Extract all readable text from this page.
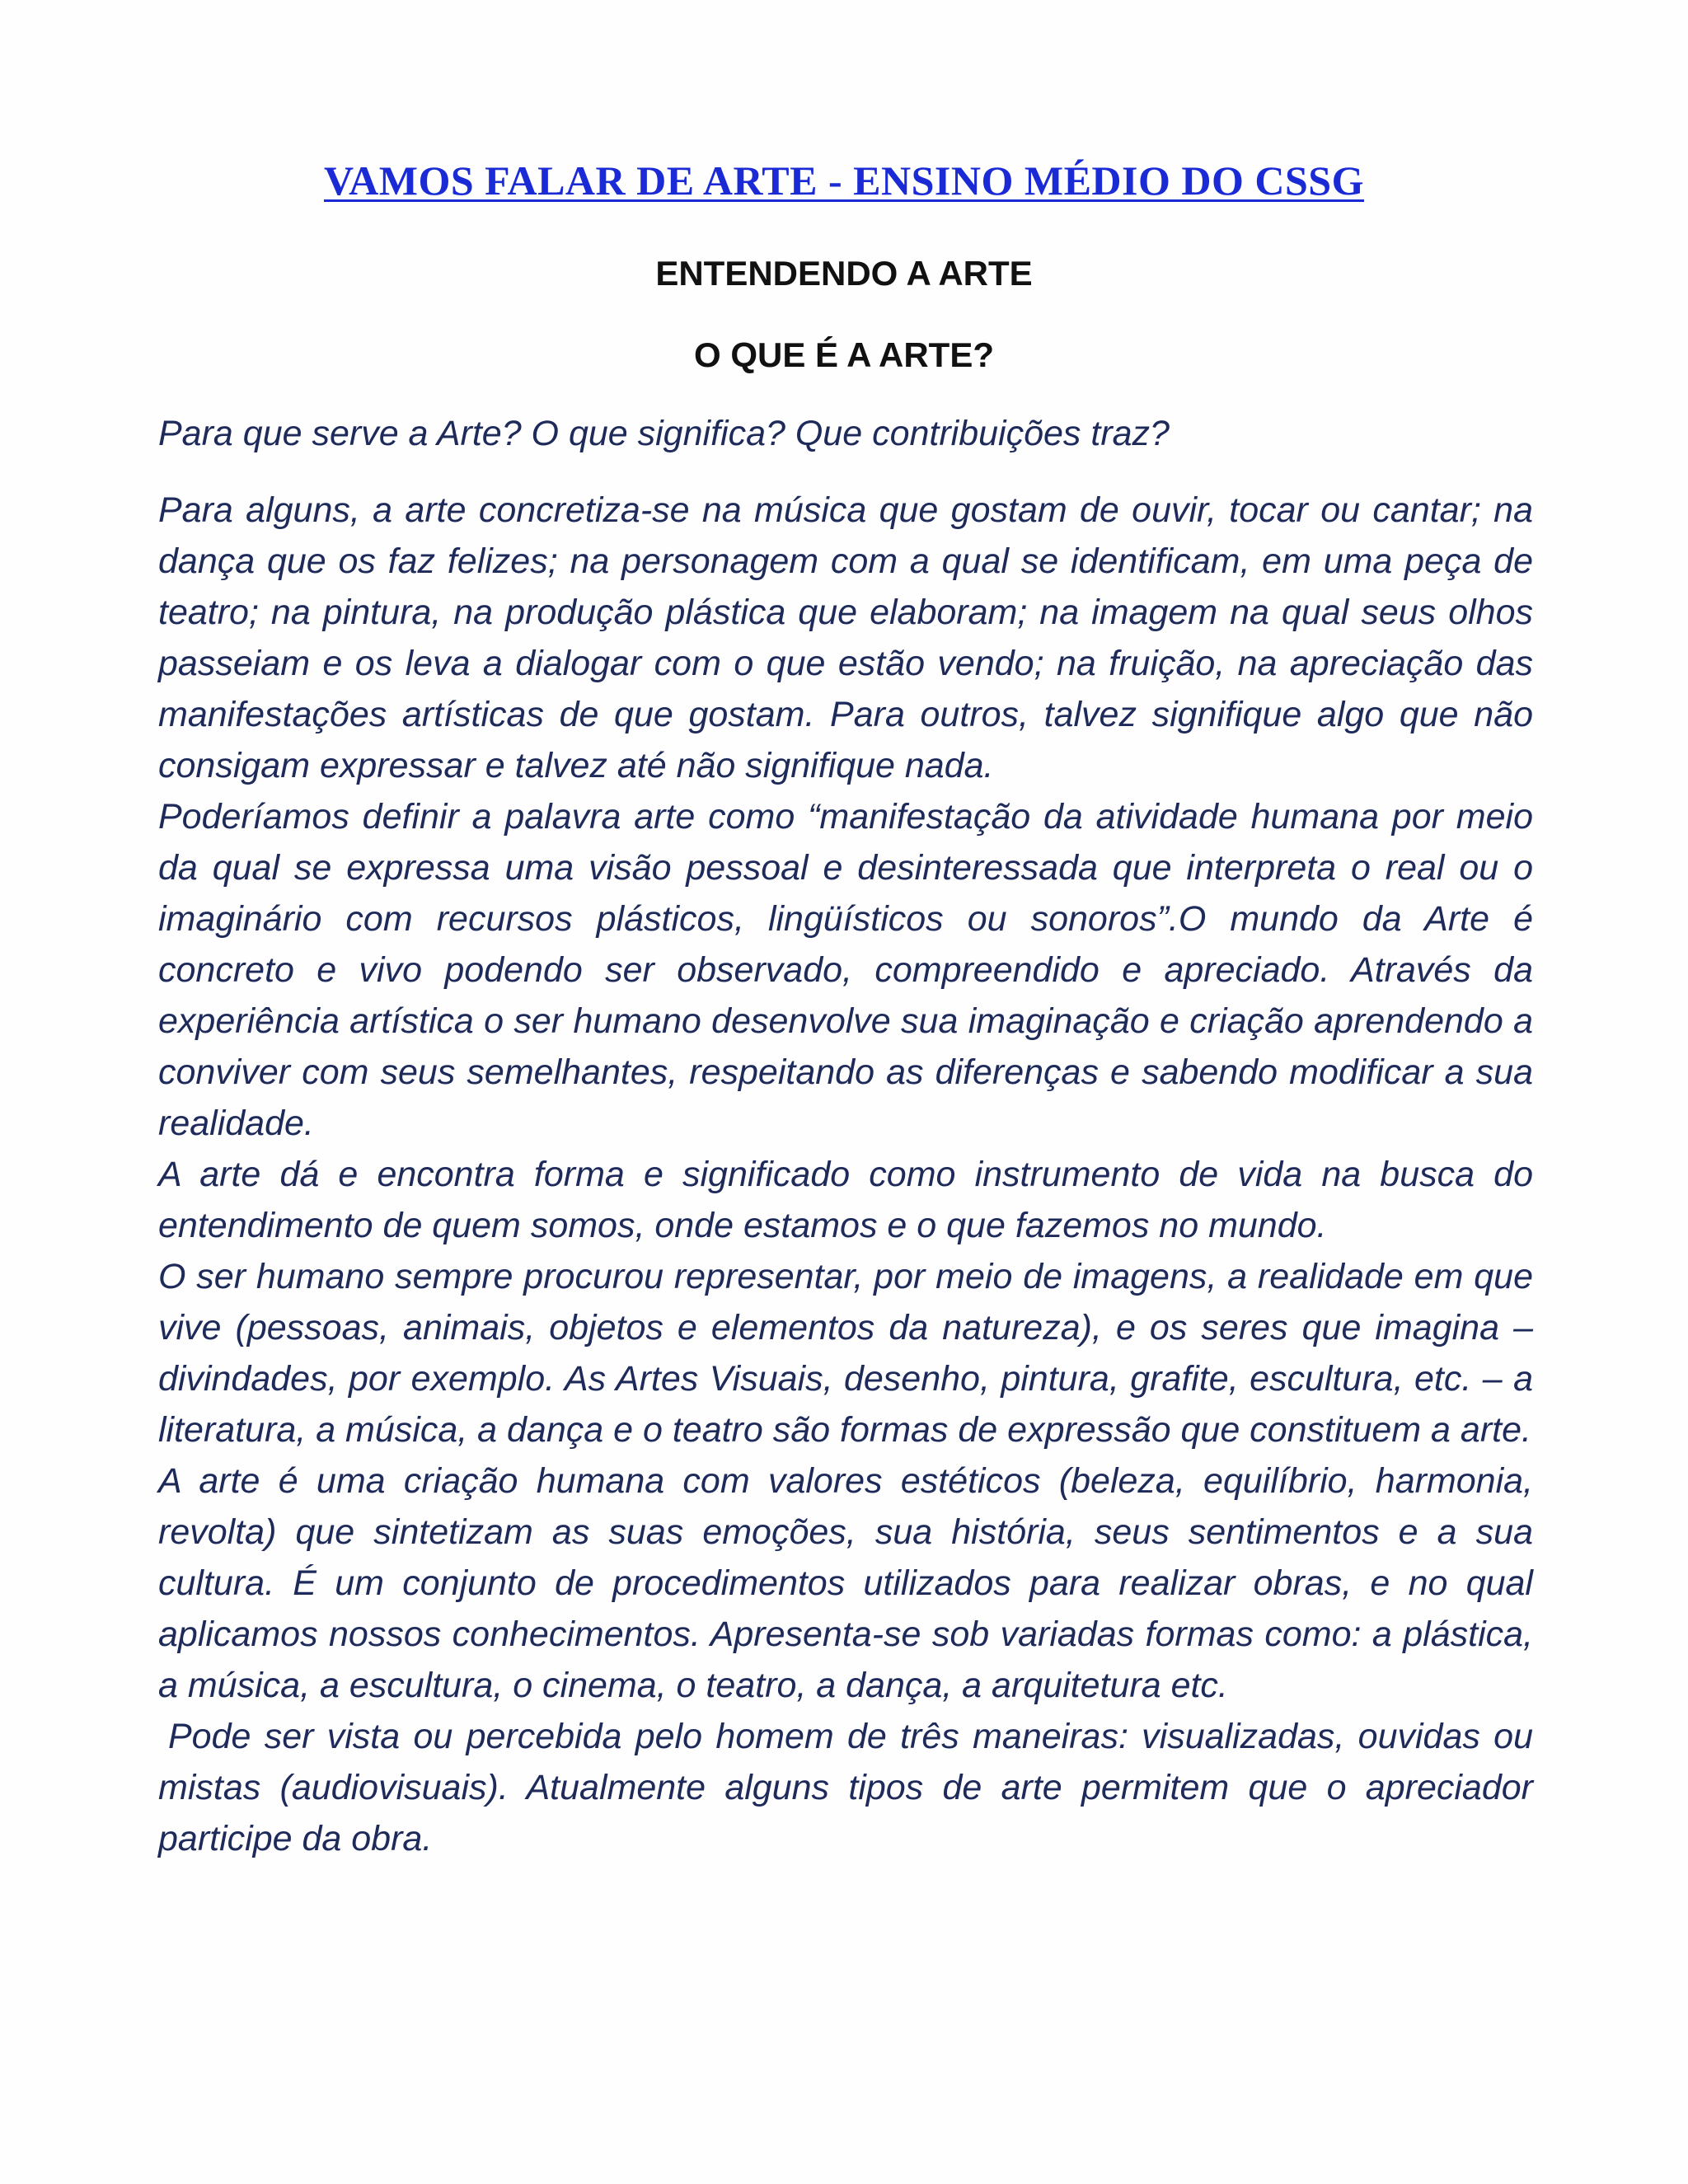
VAMOS FALAR DE ARTE - ENSINO MÉDIO DO CSSG
ENTENDENDO A ARTE
O QUE É A ARTE?

Para que serve a Arte? O que significa? Que contribuições traz?

Para alguns, a arte concretiza-se na música que gostam de ouvir, tocar ou cantar; na dança que os faz felizes; na personagem com a qual se identificam, em uma peça de teatro; na pintura, na produção plástica que elaboram; na imagem na qual seus olhos passeiam e os leva a dialogar com o que estão vendo; na fruição, na apreciação das manifestações artísticas de que gostam. Para outros, talvez signifique algo que não consigam expressar e talvez até não signifique nada.

Poderíamos definir a palavra arte como “manifestação da atividade humana por meio da qual se expressa uma visão pessoal e desinteressada que interpreta o real ou o imaginário com recursos plásticos, lingüísticos ou sonoros”.O mundo da Arte é concreto e vivo podendo ser observado, compreendido e apreciado. Através da experiência artística o ser humano desenvolve sua imaginação e criação aprendendo a conviver com seus semelhantes, respeitando as diferenças e sabendo modificar a sua realidade.

A arte dá e encontra forma e significado como instrumento de vida na busca do entendimento de quem somos, onde estamos e o que fazemos no mundo.

O ser humano sempre procurou representar, por meio de imagens, a realidade em que vive (pessoas, animais, objetos e elementos da natureza), e os seres que imagina – divindades, por exemplo. As Artes Visuais, desenho, pintura, grafite, escultura, etc. – a literatura, a música, a dança e o teatro são formas de expressão que constituem a arte.

A arte é uma criação humana com valores estéticos (beleza, equilíbrio, harmonia, revolta) que sintetizam as suas emoções, sua história, seus sentimentos e a sua cultura. É um conjunto de procedimentos utilizados para realizar obras, e no qual aplicamos nossos conhecimentos. Apresenta-se sob variadas formas como: a plástica, a música, a escultura, o cinema, o teatro, a dança, a arquitetura etc.

Pode ser vista ou percebida pelo homem de três maneiras: visualizadas, ouvidas ou mistas (audiovisuais). Atualmente alguns tipos de arte permitem que o apreciador participe da obra.
